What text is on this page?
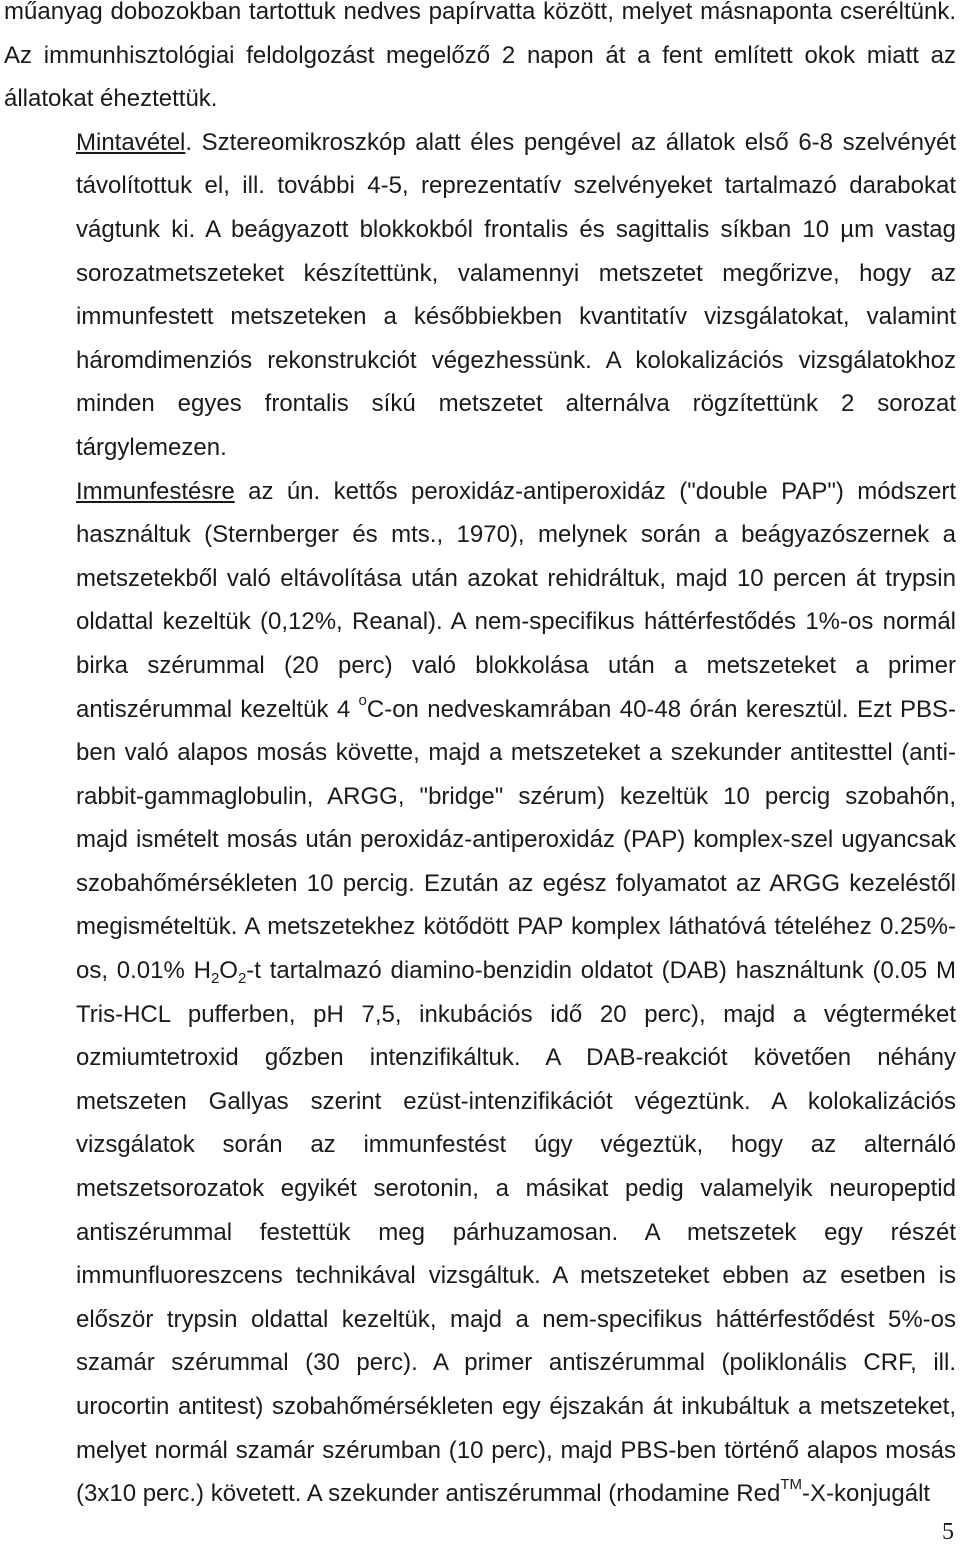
műanyag dobozokban tartottuk nedves papírvatta között, melyet másnaponta cseréltünk. Az immunhisztológiai feldolgozást megelőző 2 napon át a fent említett okok miatt az állatokat éheztettük.

Mintavétel. Sztereomikroszkóp alatt éles pengével az állatok első 6-8 szelvényét távolítottuk el, ill. további 4-5, reprezentatív szelvényeket tartalmazó darabokat vágtunk ki. A beágyazott blokkokból frontalis és sagittalis síkban 10 µm vastag sorozatmetszeteket készítettünk, valamennyi metszetet megőrizve, hogy az immunfestett metszeteken a későbbiekben kvantitatív vizsgálatokat, valamint háromdimenziós rekonstrukciót végezhessünk. A kolokalizációs vizsgálatokhoz minden egyes frontalis síkú metszetet alternálva rögzítettünk 2 sorozat tárgylemezen.

Immunfestésre az ún. kettős peroxidáz-antiperoxidáz ("double PAP") módszert használtuk (Sternberger és mts., 1970), melynek során a beágyazószernek a metszetekből való eltávolítása után azokat rehidráltuk, majd 10 percen át trypsin oldattal kezeltük (0,12%, Reanal). A nem-specifikus háttérfestődés 1%-os normál birka szérummal (20 perc) való blokkolása után a metszeteket a primer antiszérummal kezeltük 4 $^o$C-on nedveskamrában 40-48 órán keresztül. Ezt PBS-ben való alapos mosás követte, majd a metszeteket a szekunder antitesttel (anti-rabbit-gammaglobulin, ARGG, "bridge" szérum) kezeltük 10 percig szobahőn, majd ismételt mosás után peroxidáz-antiperoxidáz (PAP) komplex-szel ugyancsak szobahőmérsékleten 10 percig. Ezután az egész folyamatot az ARGG kezeléstől megismételtük. A metszetekhez kötődött PAP komplex láthatóvá tételéhez 0.25%-os, 0.01% $H_2O_2-t$ tartalmazó diamino-benzidin oldatot (DAB) használtunk (0.05 M Tris-HCL pufferben, pH 7,5, inkubációs idő 20 perc), majd a végterméket ozmiumtetroxid gőzben intenzifikáltuk. A DAB-reakciót követően néhány metszeten Gallyas szerint ezüst-intenzifikációt végeztünk. A kolokalizációs vizsgálatok során az immunfestést úgy végeztük, hogy az alternáló metszetsorozatok egyikét serotonin, a másikat pedig valamelyik neuropeptid antiszérummal festettük meg párhuzamosan. A metszetek egy részét immunfluoreszcens technikával vizsgáltuk. A metszeteket ebben az esetben is először trypsin oldattal kezeltük, majd a nem-specifikus háttérfestődést 5%-os szamár szérummal (30 perc). A primer antiszérummal (poliklonális CRF, ill. urocortin antitest) szobahőmérsékleten egy éjszakán át inkubáltuk a metszeteket, melyet normál szamár szérumban (10 perc), majd PBS-ben történő alapos mosás (3x10 perc.) követett. A szekunder antiszérummal (rhodamine Red™-X-konjugált

5
